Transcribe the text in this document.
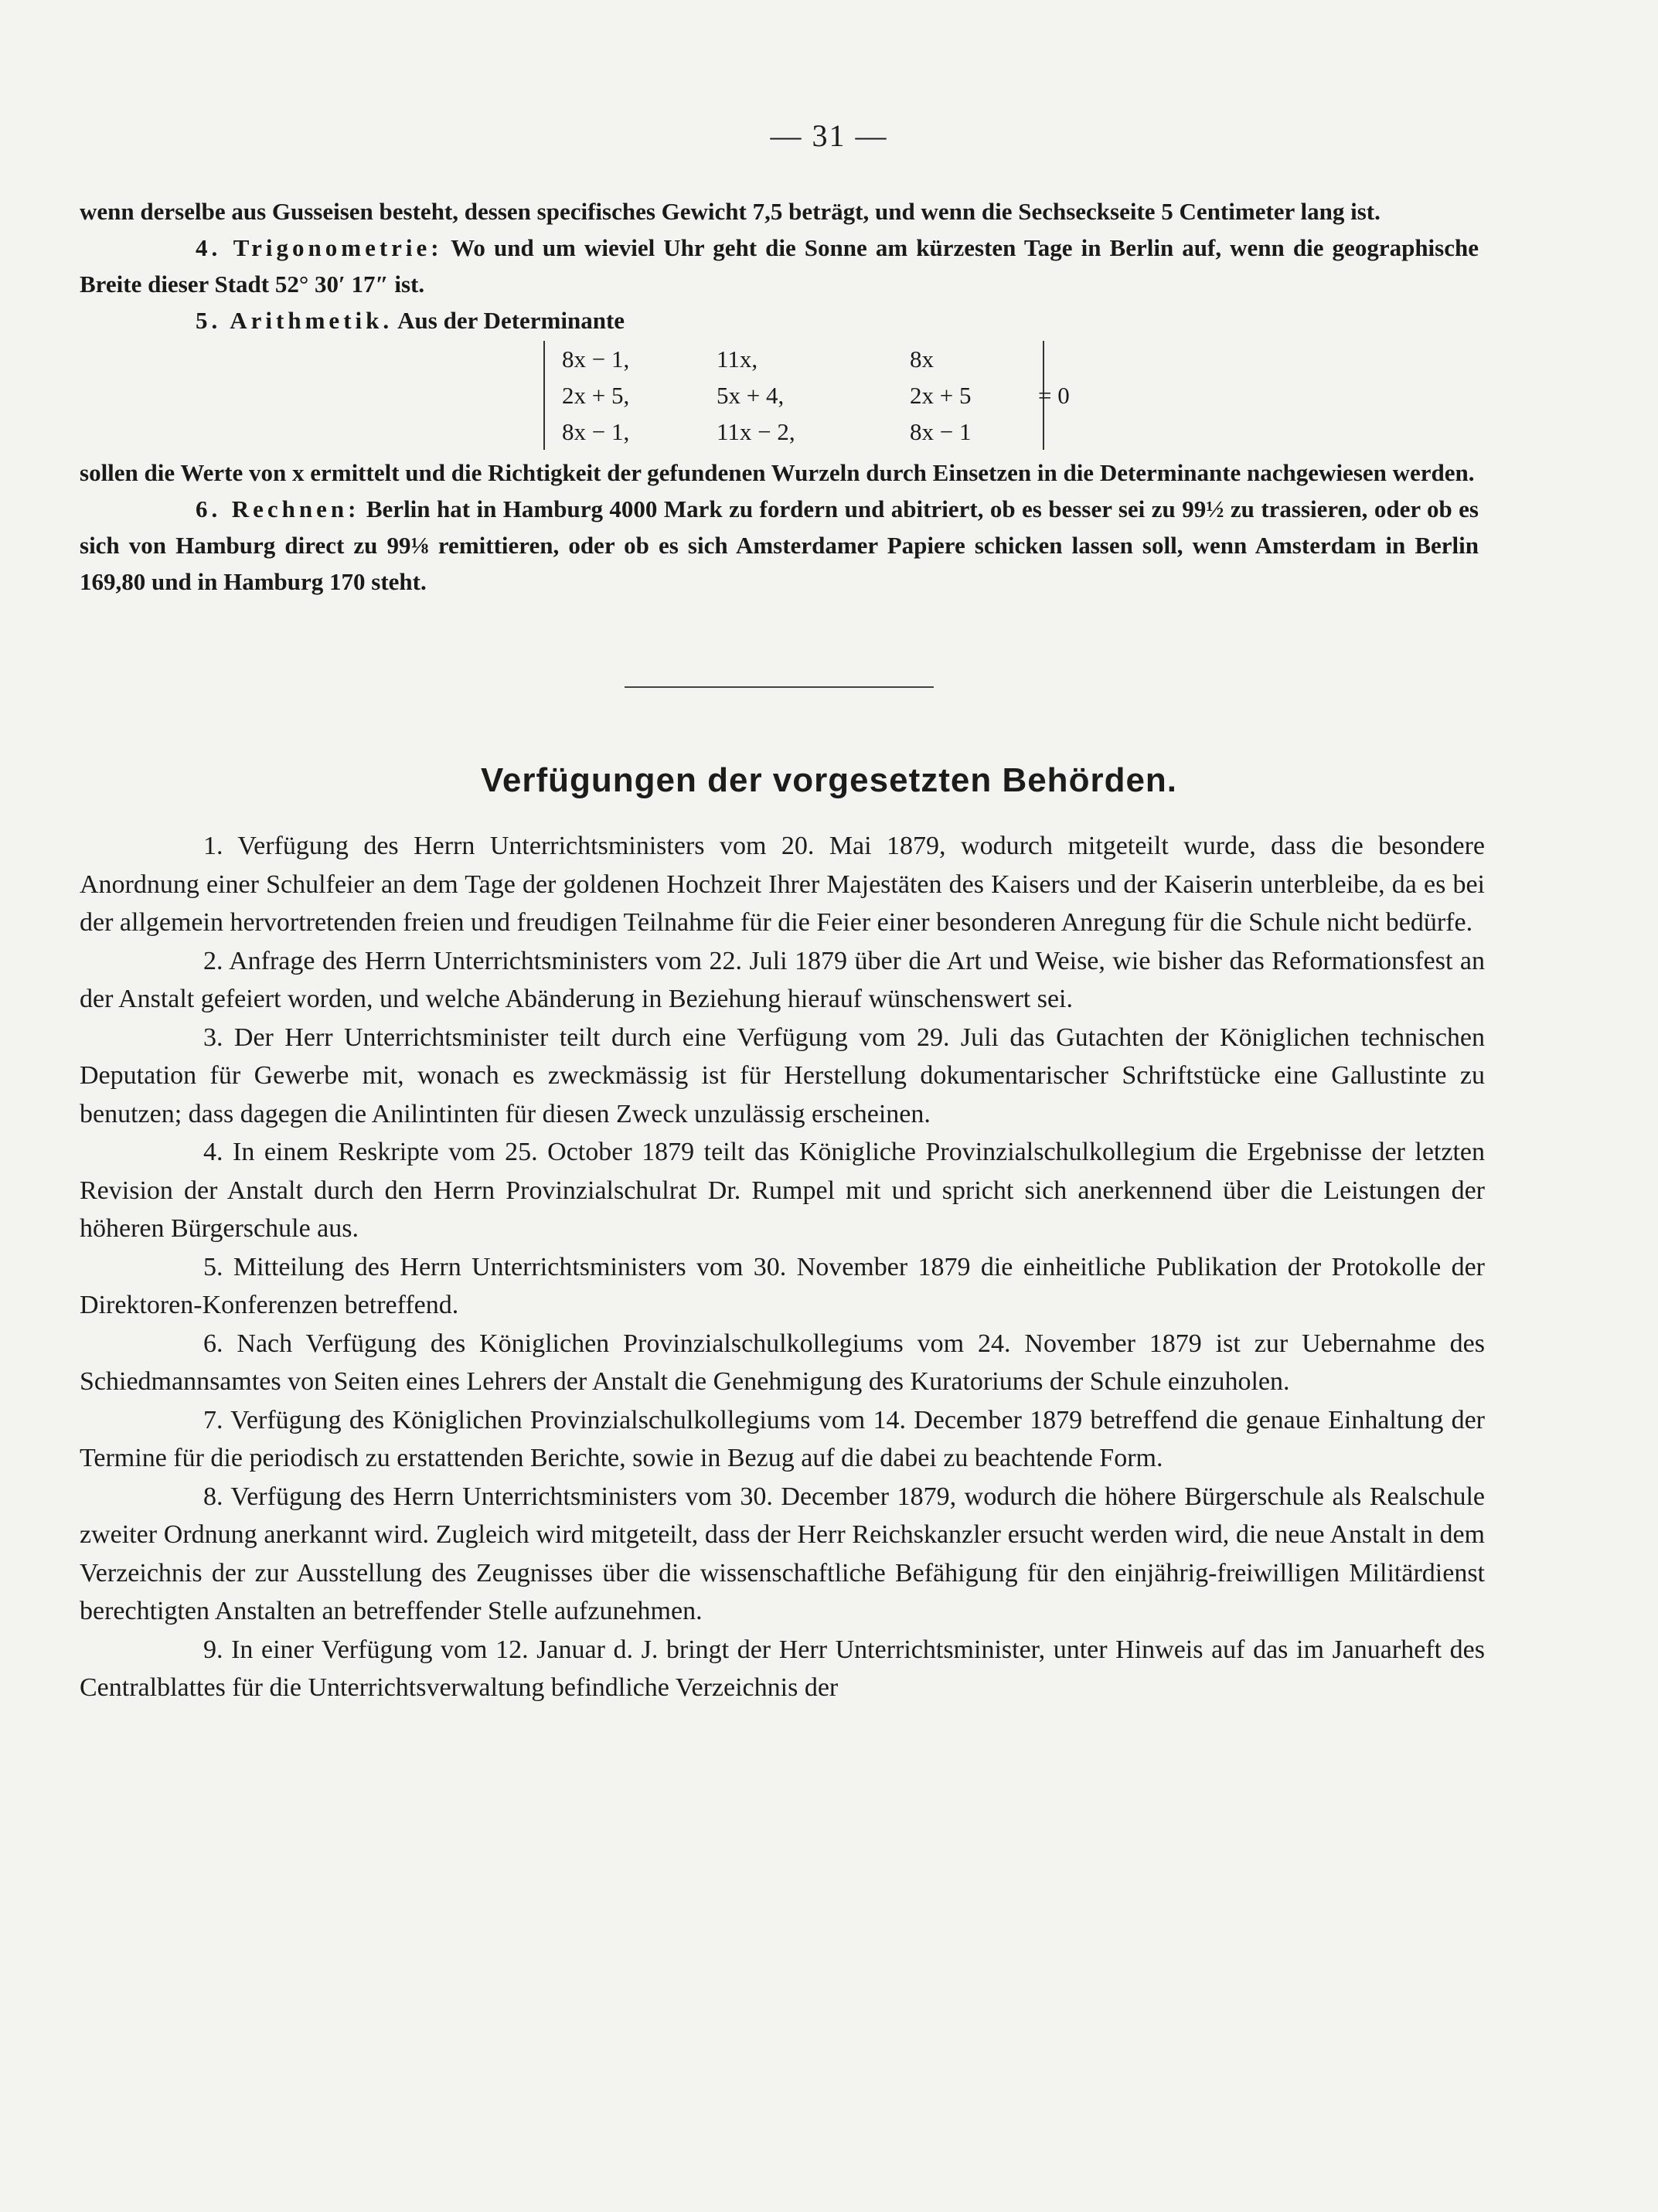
— 31 —

wenn derselbe aus Gusseisen besteht, dessen specifisches Gewicht 7,5 beträgt, und wenn die Sechseckseite 5 Centimeter lang ist.

4. Trigonometrie: Wo und um wieviel Uhr geht die Sonne am kürzesten Tage in Berlin auf, wenn die geographische Breite dieser Stadt 52° 30′ 17″ ist.

5. Arithmetik. Aus der Determinante

8x − 1,	11x,	8x
2x + 5,	5x + 4,	2x + 5
8x − 1,	11x − 2,	8x − 1
= 0

sollen die Werte von x ermittelt und die Richtigkeit der gefundenen Wurzeln durch Einsetzen in die Determinante nachgewiesen werden.

6. Rechnen: Berlin hat in Hamburg 4000 Mark zu fordern und abitriert, ob es besser sei zu 99½ zu trassieren, oder ob es sich von Hamburg direct zu 99⅛ remittieren, oder ob es sich Amsterdamer Papiere schicken lassen soll, wenn Amsterdam in Berlin 169,80 und in Hamburg 170 steht.

Verfügungen der vorgesetzten Behörden.

1. Verfügung des Herrn Unterrichtsministers vom 20. Mai 1879, wodurch mitgeteilt wurde, dass die besondere Anordnung einer Schulfeier an dem Tage der goldenen Hochzeit Ihrer Majestäten des Kaisers und der Kaiserin unterbleibe, da es bei der allgemein hervortretenden freien und freudigen Teilnahme für die Feier einer besonderen Anregung für die Schule nicht bedürfe.

2. Anfrage des Herrn Unterrichtsministers vom 22. Juli 1879 über die Art und Weise, wie bisher das Reformationsfest an der Anstalt gefeiert worden, und welche Abänderung in Beziehung hierauf wünschenswert sei.

3. Der Herr Unterrichtsminister teilt durch eine Verfügung vom 29. Juli das Gutachten der Königlichen technischen Deputation für Gewerbe mit, wonach es zweckmässig ist für Herstellung dokumentarischer Schriftstücke eine Gallustinte zu benutzen; dass dagegen die Anilintinten für diesen Zweck unzulässig erscheinen.

4. In einem Reskripte vom 25. October 1879 teilt das Königliche Provinzialschulkollegium die Ergebnisse der letzten Revision der Anstalt durch den Herrn Provinzialschulrat Dr. Rumpel mit und spricht sich anerkennend über die Leistungen der höheren Bürgerschule aus.

5. Mitteilung des Herrn Unterrichtsministers vom 30. November 1879 die einheitliche Publikation der Protokolle der Direktoren-Konferenzen betreffend.

6. Nach Verfügung des Königlichen Provinzialschulkollegiums vom 24. November 1879 ist zur Uebernahme des Schiedmannsamtes von Seiten eines Lehrers der Anstalt die Genehmigung des Kuratoriums der Schule einzuholen.

7. Verfügung des Königlichen Provinzialschulkollegiums vom 14. December 1879 betreffend die genaue Einhaltung der Termine für die periodisch zu erstattenden Berichte, sowie in Bezug auf die dabei zu beachtende Form.

8. Verfügung des Herrn Unterrichtsministers vom 30. December 1879, wodurch die höhere Bürgerschule als Realschule zweiter Ordnung anerkannt wird. Zugleich wird mitgeteilt, dass der Herr Reichskanzler ersucht werden wird, die neue Anstalt in dem Verzeichnis der zur Ausstellung des Zeugnisses über die wissenschaftliche Befähigung für den einjährig-freiwilligen Militärdienst berechtigten Anstalten an betreffender Stelle aufzunehmen.

9. In einer Verfügung vom 12. Januar d. J. bringt der Herr Unterrichtsminister, unter Hinweis auf das im Januarheft des Centralblattes für die Unterrichtsverwaltung befindliche Verzeichnis der
